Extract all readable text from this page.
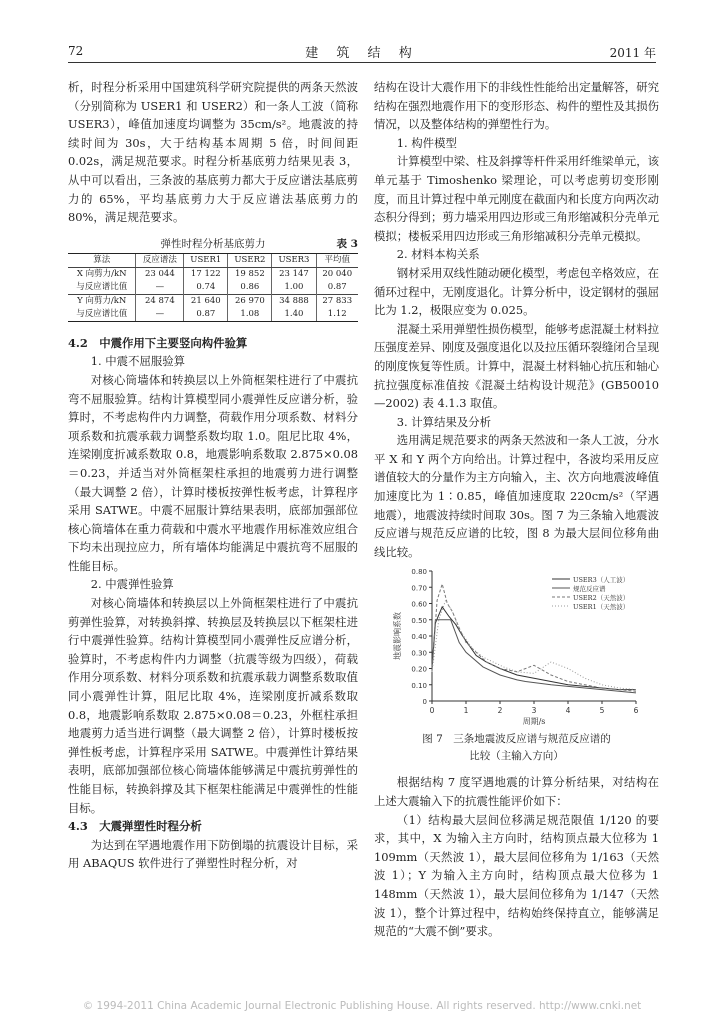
72	建 筑 结 构	2011 年

析，时程分析采用中国建筑科学研究院提供的两条天然波（分别简称为 USER1 和 USER2）和一条人工波（简称 USER3），峰值加速度均调整为 35cm/s²。地震波的持续时间为 30s，大于结构基本周期 5 倍，时间间距 0.02s，满足规范要求。时程分析基底剪力结果见表 3，从中可以看出，三条波的基底剪力都大于反应谱法基底剪力的 65%，平均基底剪力大于反应谱法基底剪力的 80%，满足规范要求。

弹性时程分析基底剪力	表 3
算法	反应谱法	USER1	USER2	USER3	平均值
X 向剪力/kN	23 044	17 122	19 852	23 147	20 040
与反应谱比值	—	0.74	0.86	1.00	0.87
Y 向剪力/kN	24 874	21 640	26 970	34 888	27 833
与反应谱比值	—	0.87	1.08	1.40	1.12

4.2　中震作用下主要竖向构件验算

1. 中震不屈服验算

对核心筒墙体和转换层以上外筒框架柱进行了中震抗弯不屈服验算。结构计算模型同小震弹性反应谱分析，验算时，不考虑构件内力调整，荷载作用分项系数、材料分项系数和抗震承载力调整系数均取 1.0。阻尼比取 4%，连梁刚度折减系数取 0.8，地震影响系数取 2.875×0.08＝0.23，并适当对外筒框架柱承担的地震剪力进行调整（最大调整 2 倍），计算时楼板按弹性板考虑，计算程序采用 SATWE。中震不屈服计算结果表明，底部加强部位核心筒墙体在重力荷载和中震水平地震作用标准效应组合下均未出现拉应力，所有墙体均能满足中震抗弯不屈服的性能目标。

2. 中震弹性验算

对核心筒墙体和转换层以上外筒框架柱进行了中震抗剪弹性验算，对转换斜撑、转换层及转换层以下框架柱进行中震弹性验算。结构计算模型同小震弹性反应谱分析，验算时，不考虑构件内力调整（抗震等级为四级），荷载作用分项系数、材料分项系数和抗震承载力调整系数取值同小震弹性计算，阻尼比取 4%，连梁刚度折减系数取 0.8，地震影响系数取 2.875×0.08＝0.23，外框柱承担地震剪力适当进行调整（最大调整 2 倍），计算时楼板按弹性板考虑，计算程序采用 SATWE。中震弹性计算结果表明，底部加强部位核心筒墙体能够满足中震抗剪弹性的性能目标，转换斜撑及其下框架柱能满足中震弹性的性能目标。

4.3　大震弹塑性时程分析

为达到在罕遇地震作用下防倒塌的抗震设计目标，采用 ABAQUS 软件进行了弹塑性时程分析，对

结构在设计大震作用下的非线性性能给出定量解答，研究结构在强烈地震作用下的变形形态、构件的塑性及其损伤情况，以及整体结构的弹塑性行为。

1. 构件模型

计算模型中梁、柱及斜撑等杆件采用纤维梁单元，该单元基于 Timoshenko 梁理论，可以考虑剪切变形刚度，而且计算过程中单元刚度在截面内和长度方向两次动态积分得到；剪力墙采用四边形或三角形缩减积分壳单元模拟；楼板采用四边形或三角形缩减积分壳单元模拟。

2. 材料本构关系

钢材采用双线性随动硬化模型，考虑包辛格效应，在循环过程中，无刚度退化。计算分析中，设定钢材的强屈比为 1.2，极限应变为 0.025。

混凝土采用弹塑性损伤模型，能够考虑混凝土材料拉压强度差异、刚度及强度退化以及拉压循环裂缝闭合呈现的刚度恢复等性质。计算中，混凝土材料轴心抗压和轴心抗拉强度标准值按《混凝土结构设计规范》(GB50010—2002) 表 4.1.3 取值。

3. 计算结果及分析

选用满足规范要求的两条天然波和一条人工波，分水平 X 和 Y 两个方向给出。计算过程中，各波均采用反应谱值较大的分量作为主方向输入，主、次方向地震波峰值加速度比为 1∶0.85，峰值加速度取 220cm/s²（罕遇地震），地震波持续时间取 30s。图 7 为三条输入地震波反应谱与规范反应谱的比较，图 8 为最大层间位移角曲线比较。

0
0.10
0.20
0.30
0.40
0.50
0.60
0.70
0.80
0	1	2	3	4	5	6
周期/s
地震影响系数
USER3（人工波）
规范反应谱
USER2（天然波）
USER1（天然波）
图 7　三条地震波反应谱与规范反应谱的
比较（主输入方向）

根据结构 7 度罕遇地震的计算分析结果，对结构在上述大震输入下的抗震性能评价如下：

（1）结构最大层间位移满足规范限值 1/120 的要求，其中，X 为输入主方向时，结构顶点最大位移为 1 109mm（天然波 1），最大层间位移角为 1/163（天然波 1）；Y 为输入主方向时，结构顶点最大位移为 1 148mm（天然波 1），最大层间位移角为 1/147（天然波 1），整个计算过程中，结构始终保持直立，能够满足规范的“大震不倒”要求。

© 1994-2011 China Academic Journal Electronic Publishing House. All rights reserved. http://www.cnki.net
